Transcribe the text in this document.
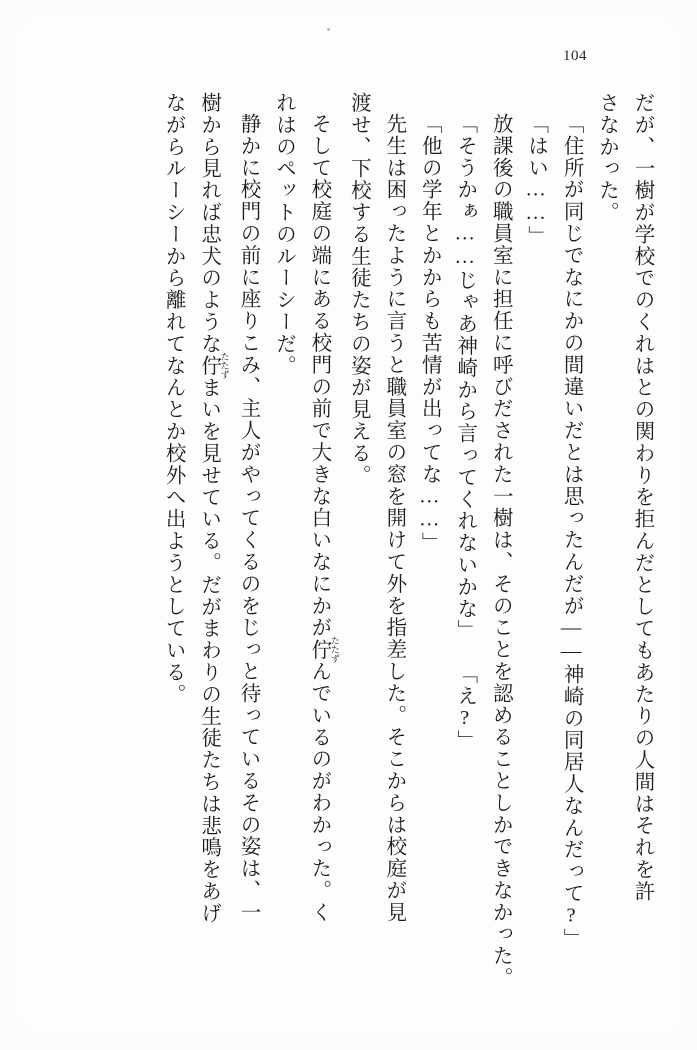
104

だが、一樹が学校でのくれはとの関わりを拒んだとしてもあたりの人間はそれを許

さなかった。

「住所が同じでなにかの間違いだとは思ったんだが――神崎の同居人なんだって?」

「はい……」

放課後の職員室に担任に呼びだされた一樹は、そのことを認めることしかできなか

った。

「そうかぁ……じゃあ神崎から言ってくれないかな」

「え?」

「他の学年とかからも苦情が出ってな……」

先生は困ったように言うと職員室の窓を開けて外を指差した。そこからは校庭が見

渡せ、下校する生徒たちの姿が見える。

そして校庭の端にある校門の前で大きな白いなにかが佇 たたずんでいるのがわかった。く

れはのペットのルーシーだ。

静かに校門の前に座りこみ、主人がやってくるのをじっと待っているその姿は、一

樹から見れば忠犬のような佇 たたずまいを見せている。だがまわりの生徒たちは悲鳴をあげ

ながらルーシーから離れてなんとか校外へ出ようとしている。
